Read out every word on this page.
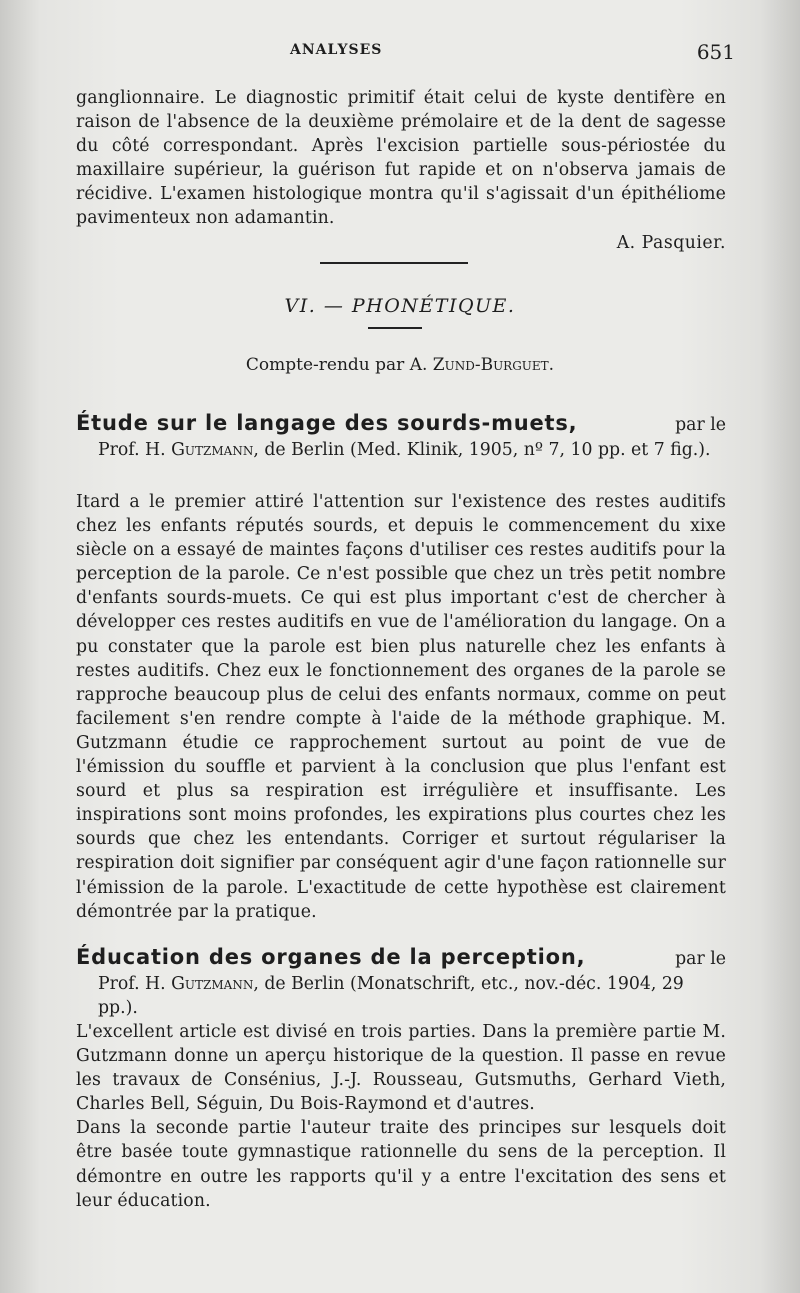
ANALYSES	651

ganglionnaire. Le diagnostic primitif était celui de kyste dentifère en raison de l'absence de la deuxième prémolaire et de la dent de sagesse du côté correspondant. Après l'excision partielle sous-périostée du maxillaire supérieur, la guérison fut rapide et on n'observa jamais de récidive. L'examen histologique montra qu'il s'agissait d'un épithéliome pavimenteux non adamantin.

A. Pasquier.
VI. — PHONÉTIQUE.
Compte-rendu par A. Zund-Burguet.
Étude sur le langage des sourds-muets,	par le
Prof. H. Gutzmann, de Berlin (Med. Klinik, 1905, nº 7, 10 pp. et 7 fig.).

Itard a le premier attiré l'attention sur l'existence des restes auditifs chez les enfants réputés sourds, et depuis le commencement du xixe siècle on a essayé de maintes façons d'utiliser ces restes auditifs pour la perception de la parole. Ce n'est possible que chez un très petit nombre d'enfants sourds-muets. Ce qui est plus important c'est de chercher à développer ces restes auditifs en vue de l'amélioration du langage. On a pu constater que la parole est bien plus naturelle chez les enfants à restes auditifs. Chez eux le fonctionnement des organes de la parole se rapproche beaucoup plus de celui des enfants normaux, comme on peut facilement s'en rendre compte à l'aide de la méthode graphique. M. Gutzmann étudie ce rapprochement surtout au point de vue de l'émission du souffle et parvient à la conclusion que plus l'enfant est sourd et plus sa respiration est irrégulière et insuffisante. Les inspirations sont moins profondes, les expirations plus courtes chez les sourds que chez les entendants. Corriger et surtout régulariser la respiration doit signifier par conséquent agir d'une façon rationnelle sur l'émission de la parole. L'exactitude de cette hypothèse est clairement démontrée par la pratique.

Éducation des organes de la perception,	par le
Prof. H. Gutzmann, de Berlin (Monatschrift, etc., nov.-déc. 1904, 29 pp.).

L'excellent article est divisé en trois parties. Dans la première partie M. Gutzmann donne un aperçu historique de la question. Il passe en revue les travaux de Consénius, J.-J. Rousseau, Gutsmuths, Gerhard Vieth, Charles Bell, Séguin, Du Bois-Raymond et d'autres.

Dans la seconde partie l'auteur traite des principes sur lesquels doit être basée toute gymnastique rationnelle du sens de la perception. Il démontre en outre les rapports qu'il y a entre l'excitation des sens et leur éducation.
